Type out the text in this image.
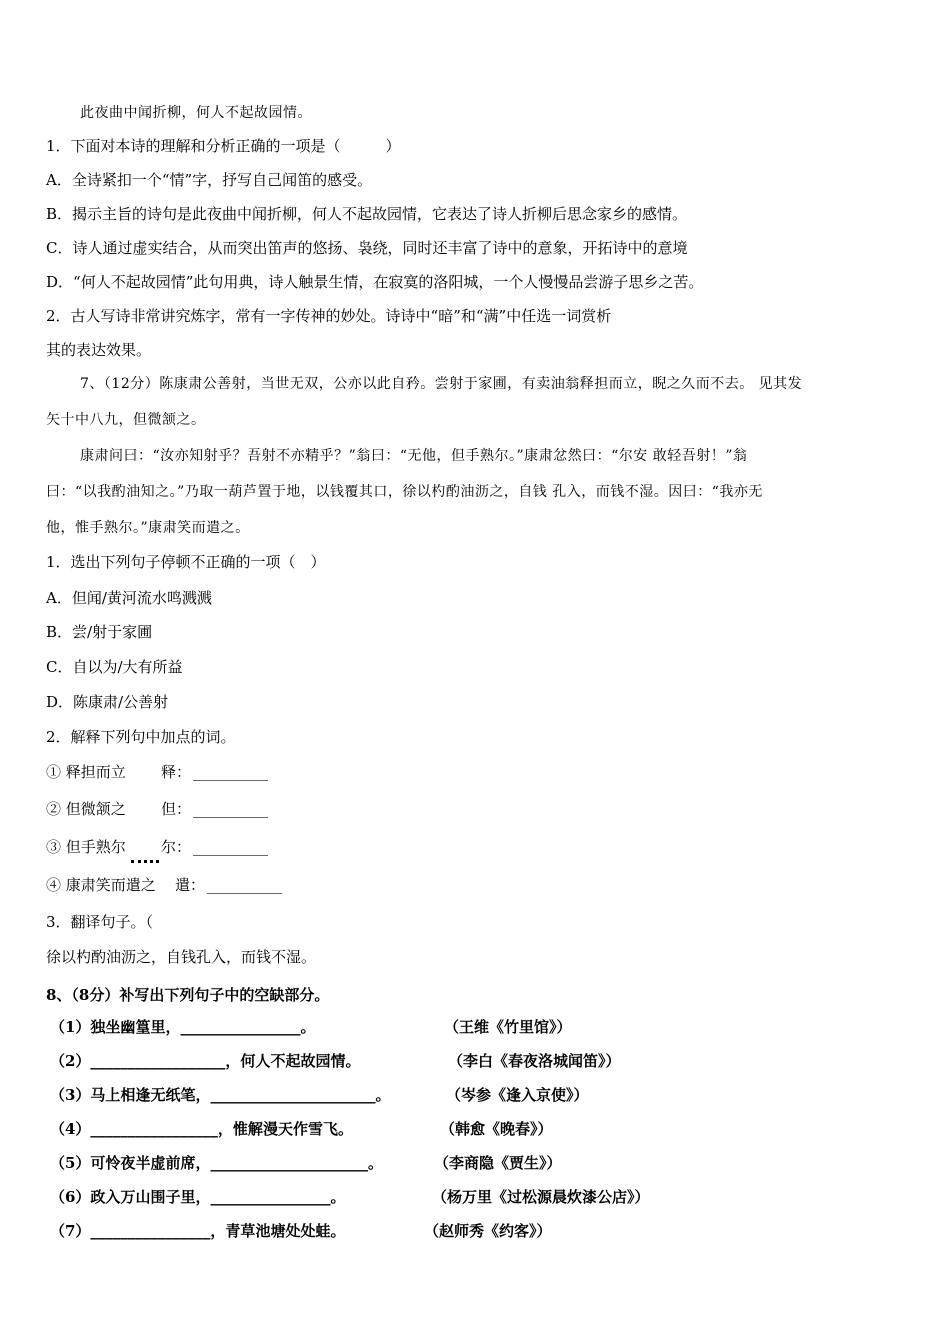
此夜曲中闻折柳，何人不起故园情。
1．下面对本诗的理解和分析正确的一项是（　　　）
A．全诗紧扣一个“情”字，抒写自己闻笛的感受。
B．揭示主旨的诗句是此夜曲中闻折柳，何人不起故园情，它表达了诗人折柳后思念家乡的感情。
C．诗人通过虚实结合，从而突出笛声的悠扬、袅绕，同时还丰富了诗中的意象，开拓诗中的意境
D．“何人不起故园情”此句用典，诗人触景生情，在寂寞的洛阳城，一个人慢慢品尝游子思乡之苦。
2．古人写诗非常讲究炼字，常有一字传神的妙处。诗诗中“暗”和“满”中任选一词赏析
其的表达效果。
7、（12分）陈康肃公善射，当世无双，公亦以此自矜。尝射于家圃，有卖油翁释担而立，睨之久而不去。 见其发
矢十中八九，但微颔之。
康肃问曰：“汝亦知射乎？吾射不亦精乎？”翁曰：“无他，但手熟尔。”康肃忿然曰：“尔安 敢轻吾射！”翁
曰：“以我酌油知之。”乃取一葫芦置于地，以钱覆其口，徐以杓酌油沥之，自钱 孔入，而钱不湿。因曰：“我亦无
他，惟手熟尔。”康肃笑而遣之。
1．选出下列句子停顿不正确的一项（　）
A．但闻/黄河流水鸣溅溅
B．尝/射于家圃
C．自以为/大有所益
D．陈康肃/公善射
2．解释下列句中加点的词。
① 释担而立 释： __________
② 但微颔之 但： __________
③ 但手熟尔 尔： __________
④ 康肃笑而遣之 遣： __________
3．翻译句子。（
徐以杓酌油沥之，自钱孔入，而钱不湿。
8、（8分）补写出下列句子中的空缺部分。
（1）独坐幽篁里，________________。	（王维《竹里馆》）
（2）__________________，何人不起故园情。	（李白《春夜洛城闻笛》）
（3）马上相逢无纸笔，______________________。	（岑参《逢入京使》）
（4）_________________，惟解漫天作雪飞。	（韩愈《晚春》）
（5）可怜夜半虚前席，_____________________。	（李商隐《贾生》）
（6）政入万山围子里，________________。	（杨万里《过松源晨炊漆公店》）
（7）________________，青草池塘处处蛙。	（赵师秀《约客》）
